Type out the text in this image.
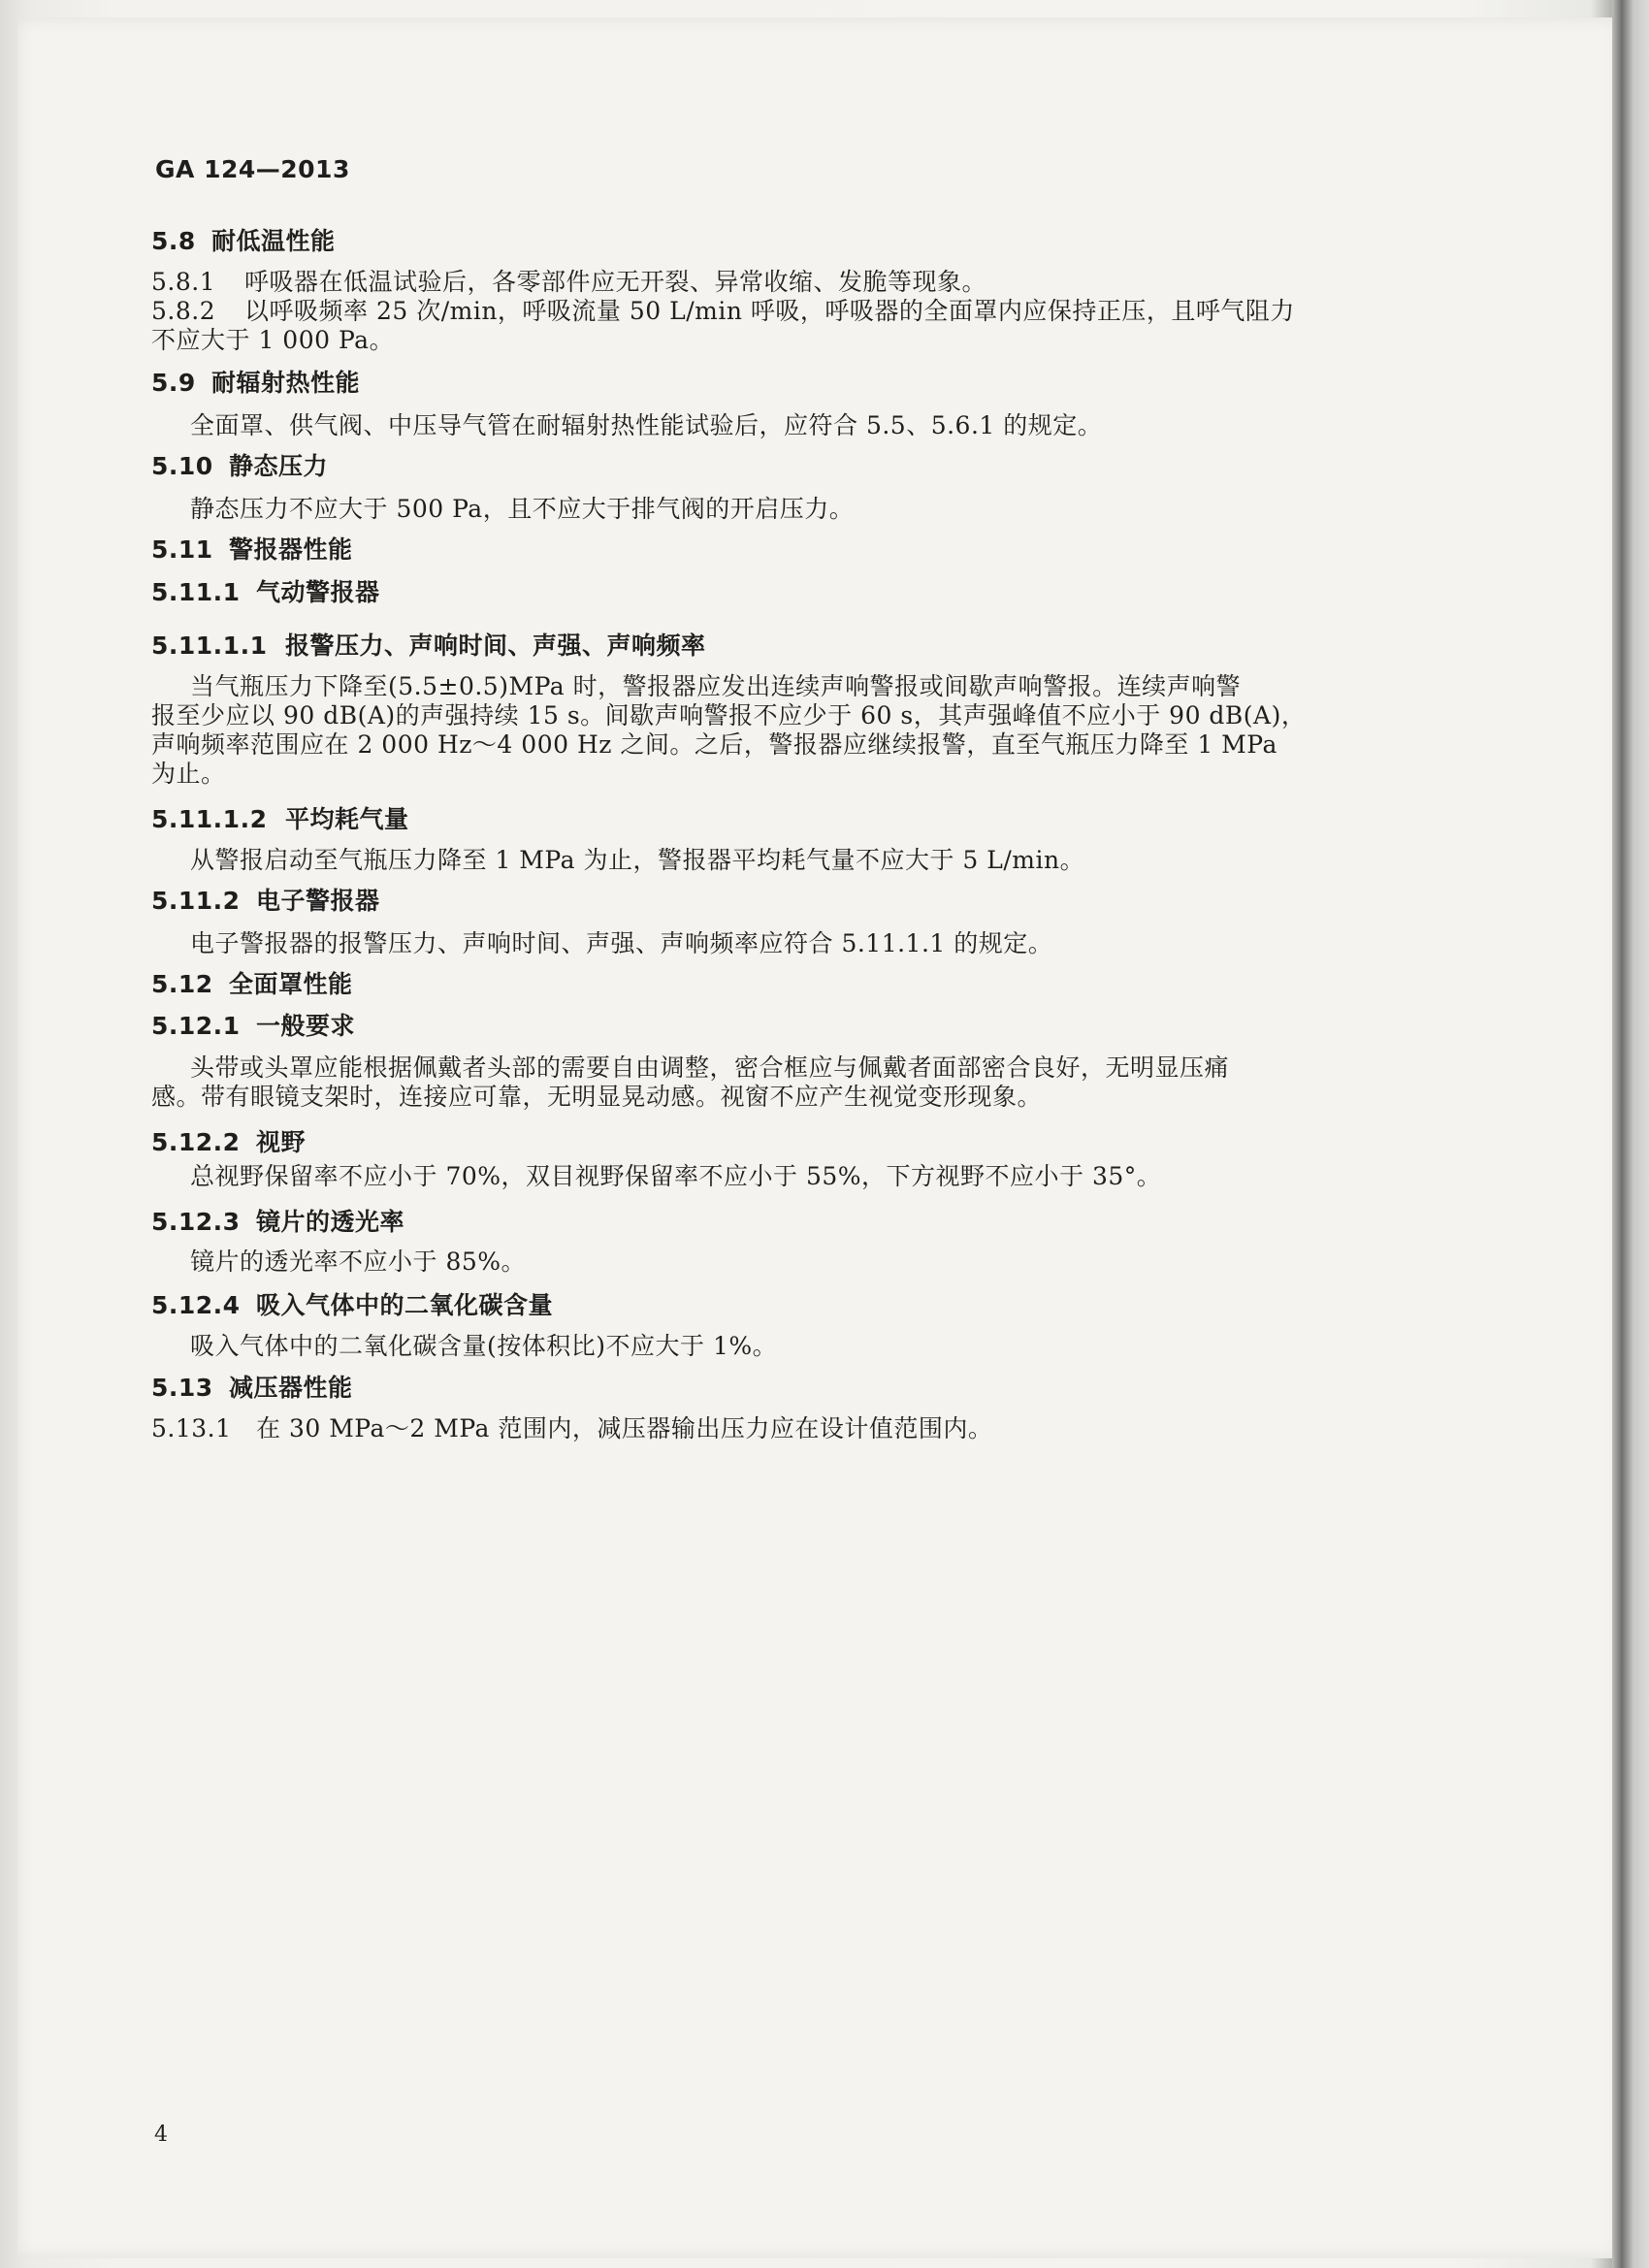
GA 124—2013
5.8 耐低温性能
5.8.1 呼吸器在低温试验后，各零部件应无开裂、异常收缩、发脆等现象。
5.8.2 以呼吸频率 25 次/min，呼吸流量 50 L/min 呼吸，呼吸器的全面罩内应保持正压，且呼气阻力
不应大于 1 000 Pa。
5.9 耐辐射热性能
全面罩、供气阀、中压导气管在耐辐射热性能试验后，应符合 5.5、5.6.1 的规定。
5.10 静态压力
静态压力不应大于 500 Pa，且不应大于排气阀的开启压力。
5.11 警报器性能
5.11.1 气动警报器
5.11.1.1 报警压力、声响时间、声强、声响频率
当气瓶压力下降至(5.5±0.5)MPa 时，警报器应发出连续声响警报或间歇声响警报。连续声响警
报至少应以 90 dB(A)的声强持续 15 s。间歇声响警报不应少于 60 s，其声强峰值不应小于 90 dB(A)，
声响频率范围应在 2 000 Hz～4 000 Hz 之间。之后，警报器应继续报警，直至气瓶压力降至 1 MPa
为止。
5.11.1.2 平均耗气量
从警报启动至气瓶压力降至 1 MPa 为止，警报器平均耗气量不应大于 5 L/min。
5.11.2 电子警报器
电子警报器的报警压力、声响时间、声强、声响频率应符合 5.11.1.1 的规定。
5.12 全面罩性能
5.12.1 一般要求
头带或头罩应能根据佩戴者头部的需要自由调整，密合框应与佩戴者面部密合良好，无明显压痛
感。带有眼镜支架时，连接应可靠，无明显晃动感。视窗不应产生视觉变形现象。
5.12.2 视野
总视野保留率不应小于 70%，双目视野保留率不应小于 55%，下方视野不应小于 35°。
5.12.3 镜片的透光率
镜片的透光率不应小于 85%。
5.12.4 吸入气体中的二氧化碳含量
吸入气体中的二氧化碳含量(按体积比)不应大于 1%。
5.13 减压器性能
5.13.1 在 30 MPa～2 MPa 范围内，减压器输出压力应在设计值范围内。
4
